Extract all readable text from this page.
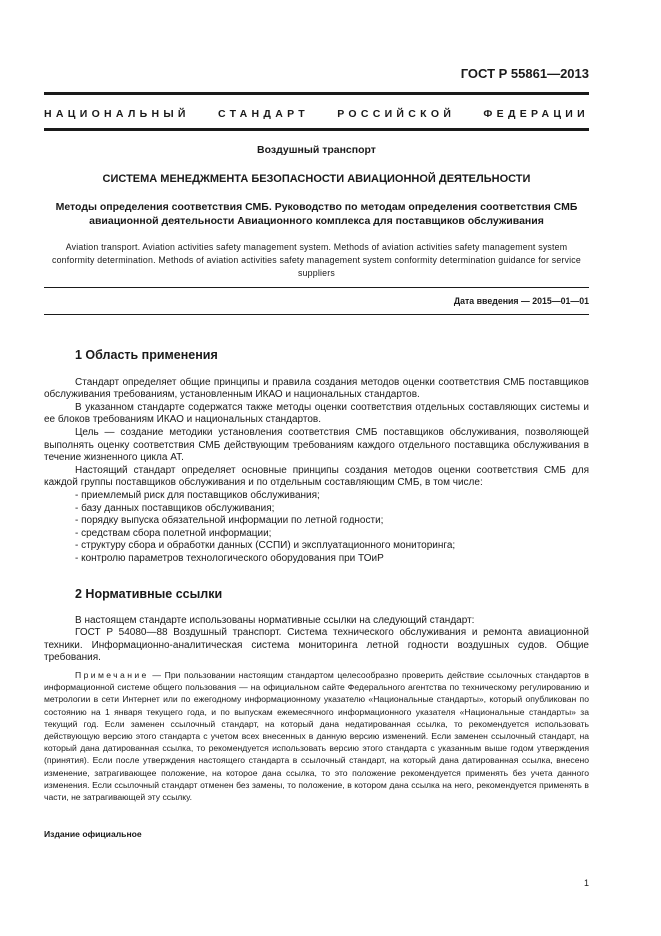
ГОСТ Р 55861—2013
НАЦИОНАЛЬНЫЙ СТАНДАРТ РОССИЙСКОЙ ФЕДЕРАЦИИ
Воздушный транспорт
СИСТЕМА МЕНЕДЖМЕНТА БЕЗОПАСНОСТИ АВИАЦИОННОЙ ДЕЯТЕЛЬНОСТИ
Методы определения соответствия СМБ. Руководство по методам определения соответствия СМБ авиационной деятельности Авиационного комплекса для поставщиков обслуживания
Aviation transport. Aviation activities safety management system. Methods of aviation activities safety management system conformity determination. Methods of aviation activities safety management system conformity determination guidance for service suppliers
Дата введения — 2015—01—01
1 Область применения

Стандарт определяет общие принципы и правила создания методов оценки соответствия СМБ поставщиков обслуживания требованиям, установленным ИКАО и национальных стандартов.

В указанном стандарте содержатся также методы оценки соответствия отдельных составляющих системы и ее блоков требованиям ИКАО и национальных стандартов.

Цель — создание методики установления соответствия СМБ поставщиков обслуживания, позволяющей выполнять оценку соответствия СМБ действующим требованиям каждого отдельного поставщика обслуживания в течение жизненного цикла АТ.

Настоящий стандарт определяет основные принципы создания методов оценки соответствия СМБ для каждой группы поставщиков обслуживания и по отдельным составляющим СМБ, в том числе:

- приемлемый риск для поставщиков обслуживания;
- базу данных поставщиков обслуживания;
- порядку выпуска обязательной информации по летной годности;
- средствам сбора полетной информации;
- структуру сбора и обработки данных (ССПИ) и эксплуатационного мониторинга;
- контролю параметров технологического оборудования при ТОиР
2 Нормативные ссылки

В настоящем стандарте использованы нормативные ссылки на следующий стандарт:

ГОСТ Р 54080—88 Воздушный транспорт. Система технического обслуживания и ремонта авиационной техники. Информационно-аналитическая система мониторинга летной годности воздушных судов. Общие требования.

Примечание — При пользовании настоящим стандартом целесообразно проверить действие ссылочных стандартов в информационной системе общего пользования — на официальном сайте Федерального агентства по техническому регулированию и метрологии в сети Интернет или по ежегодному информационному указателю «Национальные стандарты», который опубликован по состоянию на 1 января текущего года, и по выпускам ежемесячного информационного указателя «Национальные стандарты» за текущий год. Если заменен ссылочный стандарт, на который дана недатированная ссылка, то рекомендуется использовать действующую версию этого стандарта с учетом всех внесенных в данную версию изменений. Если заменен ссылочный стандарт, на который дана датированная ссылка, то рекомендуется использовать версию этого стандарта с указанным выше годом утверждения (принятия). Если после утверждения настоящего стандарта в ссылочный стандарт, на который дана датированная ссылка, внесено изменение, затрагивающее положение, на которое дана ссылка, то это положение рекомендуется применять без учета данного изменения. Если ссылочный стандарт отменен без замены, то положение, в котором дана ссылка на него, рекомендуется применять в части, не затрагивающей эту ссылку.

Издание официальное
1
